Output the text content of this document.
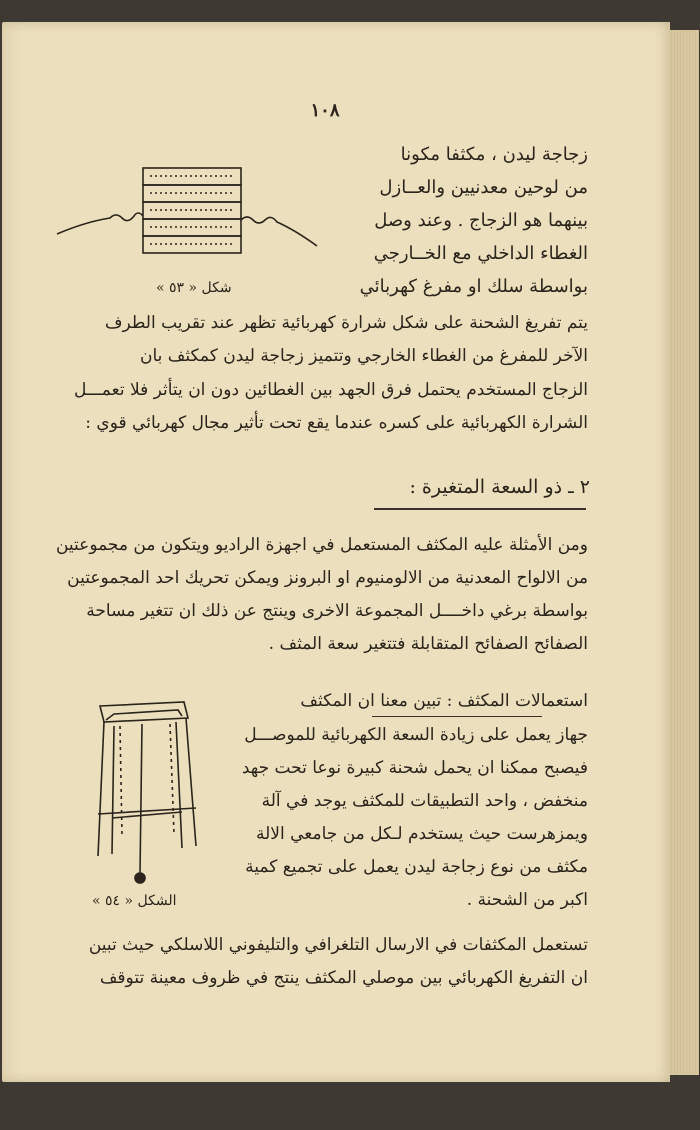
١٠٨
شكل « ٥٣ »
زجاجة ليدن ، مكثفا مكونا
من لوحين معدنيين والعــازل
بينهما هو الزجاج . وعند وصل
الغطاء الداخلي مع الخــارجي
بواسطة سلك او مفرغ كهربائي
يتم تفريغ الشحنة على شكل شرارة كهربائية تظهر عند تقريب الطرف
الآخر للمفرغ من الغطاء الخارجي وتتميز زجاجة ليدن كمكثف بان
الزجاج المستخدم يحتمل فرق الجهد بين الغطائين دون ان يتأثر فلا تعمـــل
الشرارة الكهربائية على كسره عندما يقع تحت تأثير مجال كهربائي قوي :
٢ ـ ذو السعة المتغيرة :
ومن الأمثلة عليه المكثف المستعمل في اجهزة الراديو ويتكون من مجموعتين
من الالواح المعدنية من الالومنيوم او البرونز ويمكن تحريك احد المجموعتين
بواسطة برغي داخــــل المجموعة الاخرى وينتج عن ذلك ان تتغير مساحة
الصفائح الصفائح المتقابلة فتتغير سعة المثف .
الشكل « ٥٤ »
استعمالات المكثف : تبين معنا ان المكثف
جهاز يعمل على زيادة السعة الكهربائية للموصـــل
فيصبح ممكنا ان يحمل شحنة كبيرة نوعا تحت جهد
منخفض ، واحد التطبيقات للمكثف يوجد في آلة
ويمزهرست حيث يستخدم لـكل من جامعي الالة
مكثف من نوع زجاجة ليدن يعمل على تجميع كمية
اكبر من الشحنة .
تستعمل المكثفات في الارسال التلغرافي والتليفوني اللاسلكي حيث تبين
ان التفريغ الكهربائي بين موصلي المكثف ينتج في ظروف معينة تتوقف
